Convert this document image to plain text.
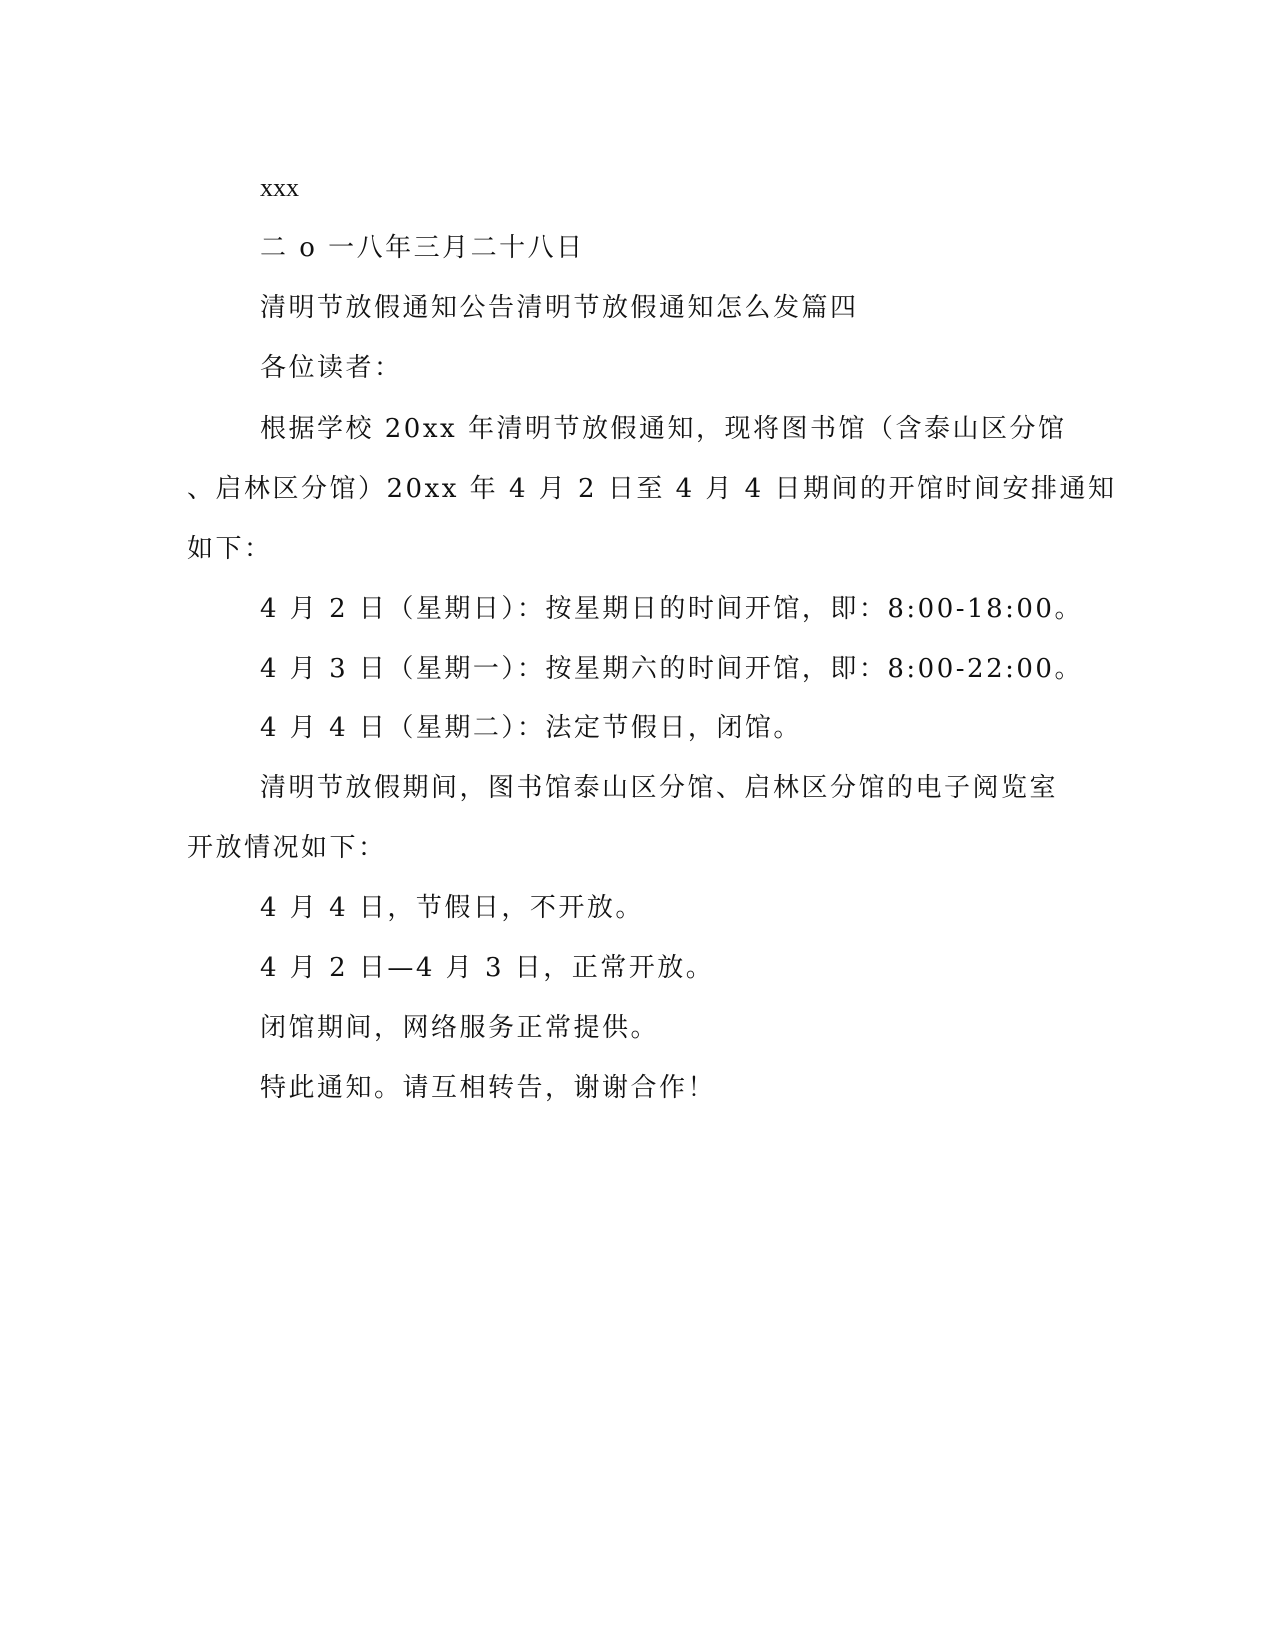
xxx
二 o 一八年三月二十八日
清明节放假通知公告清明节放假通知怎么发篇四
各位读者：
根据学校 20xx 年清明节放假通知，现将图书馆（含泰山区分馆
、启林区分馆）20xx 年 4 月 2 日至 4 月 4 日期间的开馆时间安排通知
如下：
4 月 2 日（星期日）：按星期日的时间开馆，即：8:00-18:00。
4 月 3 日（星期一）：按星期六的时间开馆，即：8:00-22:00。
4 月 4 日（星期二）：法定节假日，闭馆。
清明节放假期间，图书馆泰山区分馆、启林区分馆的电子阅览室
开放情况如下：
4 月 4 日，节假日，不开放。
4 月 2 日—4 月 3 日，正常开放。
闭馆期间，网络服务正常提供。
特此通知。请互相转告，谢谢合作！
